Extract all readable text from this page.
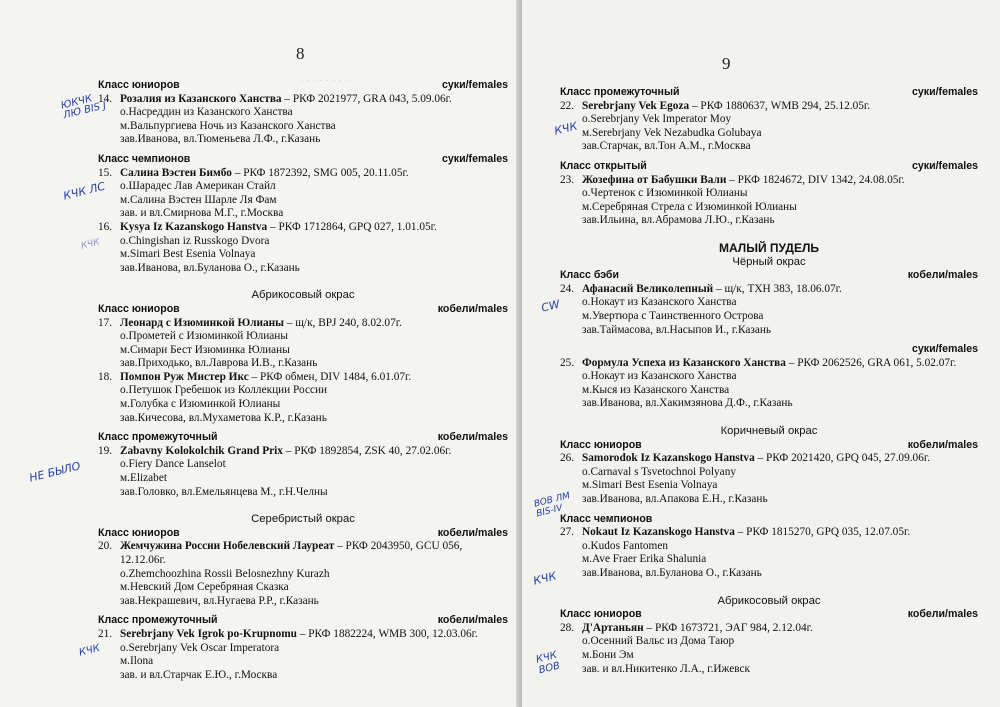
8
· · · · · · · ·
Класс юниоров	суки/females
14. Розалия из Казанского Ханства – РКФ 2021977, GRA 043, 5.09.06г.
о.Насреддин из Казанского Ханства
м.Вальпургиева Ночь из Казанского Ханства
зав.Иванова, вл.Тюменьева Л.Ф., г.Казань
Класс чемпионов	суки/females
15. Салина Вэстен Бимбо – РКФ 1872392, SMG 005, 20.11.05г.
о.Шарадес Лав Американ Стайл
м.Салина Вэстен Шарле Ля Фам
зав. и вл.Смирнова М.Г., г.Москва
16. Kysya Iz Kazanskogo Hanstva – РКФ 1712864, GPQ 027, 1.01.05г.
о.Chingishan iz Russkogo Dvora
м.Simari Best Esenia Volnaya
зав.Иванова, вл.Буланова О., г.Казань
Абрикосовый окрас
Класс юниоров	кобели/males
17. Леонард с Изюминкой Юлианы – щ/к, BPJ 240, 8.02.07г.
о.Прометей с Изюминкой Юлианы
м.Симари Бест Изюминка Юлианы
зав.Приходько, вл.Лаврова И.В., г.Казань
18. Помпон Руж Мистер Икс – РКФ обмен, DIV 1484, 6.01.07г.
о.Петушок Гребешок из Коллекции России
м.Голубка с Изюминкой Юлианы
зав.Кичесова, вл.Мухаметова К.Р., г.Казань
Класс промежуточный	кобели/males
19. Zabavny Kolokolchik Grand Prix – РКФ 1892854, ZSK 40, 27.02.06г.
о.Fiery Dance Lanselot
м.Elizabet
зав.Головко, вл.Емельянцева М., г.Н.Челны
Серебристый окрас
Класс юниоров	кобели/males
20. Жемчужина России Нобелевский Лауреат – РКФ 2043950, GCU 056, 12.12.06г.
о.Zhemchoozhina Rossii Belosnezhny Kurazh
м.Невский Дом Серебряная Сказка
зав.Некрашевич, вл.Нугаева Р.Р., г.Казань
Класс промежуточный	кобели/males
21. Serebrjany Vek Igrok po-Krupnomu – РКФ 1882224, WMB 300, 12.03.06г.
о.Serebrjany Vek Oscar Imperatora
м.Ilona
зав. и вл.Старчак Е.Ю., г.Москва
9
Класс промежуточный	суки/females
22. Serebrjany Vek Egoza – РКФ 1880637, WMB 294, 25.12.05г.
о.Serebrjany Vek Imperator Moy
м.Serebrjany Vek Nezabudka Golubaya
зав.Старчак, вл.Тон А.М., г.Москва
Класс открытый	суки/females
23. Жозефина от Бабушки Вали – РКФ 1824672, DIV 1342, 24.08.05г.
о.Чертенок с Изюминкой Юлианы
м.Серебряная Стрела с Изюминкой Юлианы
зав.Ильина, вл.Абрамова Л.Ю., г.Казань
МАЛЫЙ ПУДЕЛЬ
Чёрный окрас
Класс бэби	кобели/males
24. Афанасий Великолепный – щ/к, ТХН 383, 18.06.07г.
о.Нокаут из Казанского Ханства
м.Увертюра с Таинственного Острова
зав.Таймасова, вл.Насыпов И., г.Казань
суки/females
25. Формула Успеха из Казанского Ханства – РКФ 2062526, GRA 061, 5.02.07г.
о.Нокаут из Казанского Ханства
м.Кыся из Казанского Ханства
зав.Иванова, вл.Хакимзянова Д.Ф., г.Казань
Коричневый окрас
Класс юниоров	кобели/males
26. Samorodok Iz Kazanskogo Hanstva – РКФ 2021420, GPQ 045, 27.09.06г.
о.Carnaval s Tsvetochnoi Polyany
м.Simari Best Esenia Volnaya
зав.Иванова, вл.Апакова Е.Н., г.Казань
Класс чемпионов
27. Nokaut Iz Kazanskogo Hanstva – РКФ 1815270, GPQ 035, 12.07.05г.
о.Kudos Fantomen
м.Ave Fraer Erika Shalunia
зав.Иванова, вл.Буланова О., г.Казань
Абрикосовый окрас
Класс юниоров	кобели/males
28. Д'Артаньян – РКФ 1673721, ЭАГ 984, 2.12.04г.
о.Осенний Вальс из Дома Таюр
м.Бони Эм
зав. и вл.Никитенко Л.А., г.Ижевск
ЮКЧК ЛЮ BIS J
КЧК ЛС
НЕ БЫЛО
КЧК
КЧК
КЧК
СW
ВОВ ЛМ BIS-IV
КЧК
КЧК ВОВ
